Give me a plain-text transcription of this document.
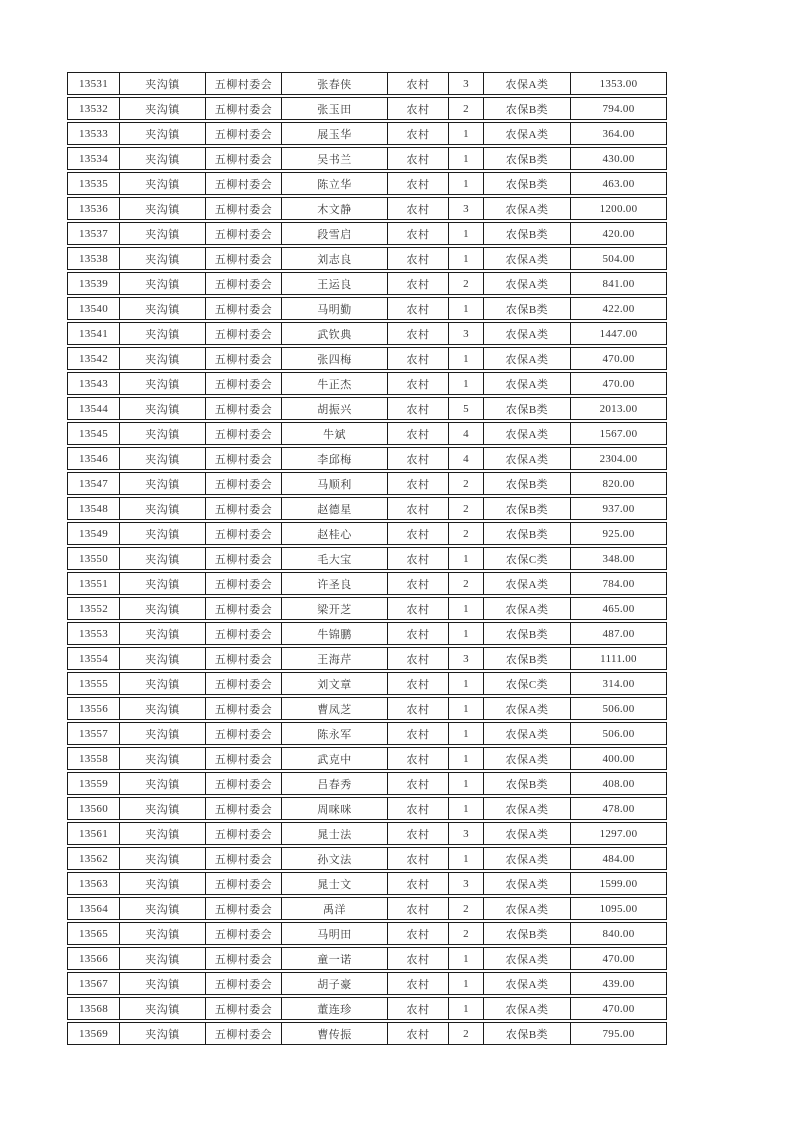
13531	夹沟镇	五柳村委会	张春侠	农村	3	农保A类	1353.00
13532	夹沟镇	五柳村委会	张玉田	农村	2	农保B类	794.00
13533	夹沟镇	五柳村委会	展玉华	农村	1	农保A类	364.00
13534	夹沟镇	五柳村委会	吴书兰	农村	1	农保B类	430.00
13535	夹沟镇	五柳村委会	陈立华	农村	1	农保B类	463.00
13536	夹沟镇	五柳村委会	木文静	农村	3	农保A类	1200.00
13537	夹沟镇	五柳村委会	段雪启	农村	1	农保B类	420.00
13538	夹沟镇	五柳村委会	刘志良	农村	1	农保A类	504.00
13539	夹沟镇	五柳村委会	王运良	农村	2	农保A类	841.00
13540	夹沟镇	五柳村委会	马明勤	农村	1	农保B类	422.00
13541	夹沟镇	五柳村委会	武钦典	农村	3	农保A类	1447.00
13542	夹沟镇	五柳村委会	张四梅	农村	1	农保A类	470.00
13543	夹沟镇	五柳村委会	牛正杰	农村	1	农保A类	470.00
13544	夹沟镇	五柳村委会	胡振兴	农村	5	农保B类	2013.00
13545	夹沟镇	五柳村委会	牛斌	农村	4	农保A类	1567.00
13546	夹沟镇	五柳村委会	李邱梅	农村	4	农保A类	2304.00
13547	夹沟镇	五柳村委会	马顺利	农村	2	农保B类	820.00
13548	夹沟镇	五柳村委会	赵德星	农村	2	农保B类	937.00
13549	夹沟镇	五柳村委会	赵桂心	农村	2	农保B类	925.00
13550	夹沟镇	五柳村委会	毛大宝	农村	1	农保C类	348.00
13551	夹沟镇	五柳村委会	许圣良	农村	2	农保A类	784.00
13552	夹沟镇	五柳村委会	梁开芝	农村	1	农保A类	465.00
13553	夹沟镇	五柳村委会	牛锦鹏	农村	1	农保B类	487.00
13554	夹沟镇	五柳村委会	王海芹	农村	3	农保B类	1111.00
13555	夹沟镇	五柳村委会	刘文章	农村	1	农保C类	314.00
13556	夹沟镇	五柳村委会	曹凤芝	农村	1	农保A类	506.00
13557	夹沟镇	五柳村委会	陈永军	农村	1	农保A类	506.00
13558	夹沟镇	五柳村委会	武克中	农村	1	农保A类	400.00
13559	夹沟镇	五柳村委会	吕春秀	农村	1	农保B类	408.00
13560	夹沟镇	五柳村委会	周咪咪	农村	1	农保A类	478.00
13561	夹沟镇	五柳村委会	晁士法	农村	3	农保A类	1297.00
13562	夹沟镇	五柳村委会	孙文法	农村	1	农保A类	484.00
13563	夹沟镇	五柳村委会	晁士文	农村	3	农保A类	1599.00
13564	夹沟镇	五柳村委会	禹洋	农村	2	农保A类	1095.00
13565	夹沟镇	五柳村委会	马明田	农村	2	农保B类	840.00
13566	夹沟镇	五柳村委会	童一诺	农村	1	农保A类	470.00
13567	夹沟镇	五柳村委会	胡子豪	农村	1	农保A类	439.00
13568	夹沟镇	五柳村委会	董连珍	农村	1	农保A类	470.00
13569	夹沟镇	五柳村委会	曹传振	农村	2	农保B类	795.00
